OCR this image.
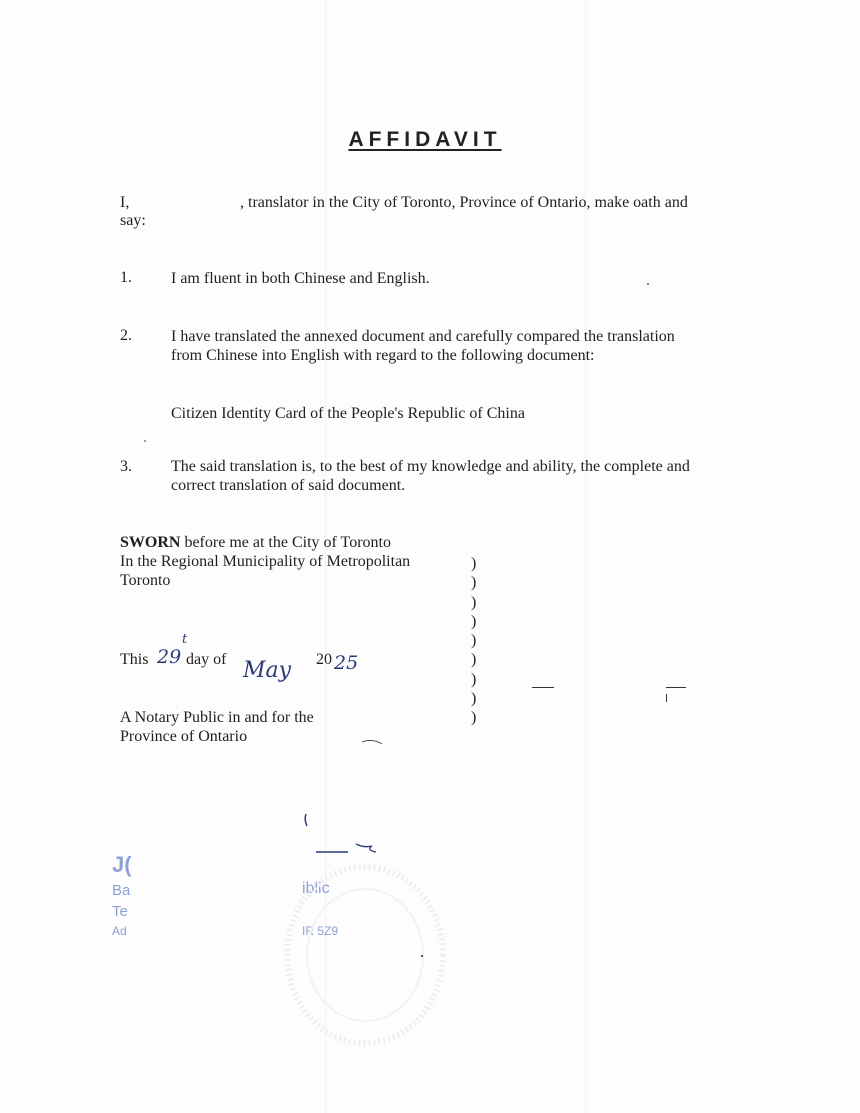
AFFIDAVIT
I,	, translator in the City of Toronto, Province of Ontario, make oath and
say:
1. I am fluent in both Chinese and English.
2. I have translated the annexed document and carefully compared the translation
from Chinese into English with regard to the following document:
Citizen Identity Card of the People's Republic of China
3. The said translation is, to the best of my knowledge and ability, the complete and
correct translation of said document.
SWORN before me at the City of Toronto
In the Regional Municipality of Metropolitan
Toronto
)
)
)
)
)
)
)
)
)
This 29
t
day of May 20 25
A Notary Public in and for the
Province of Ontario
J(
Ba
Te
Ad
iblic
IR 5Z9
